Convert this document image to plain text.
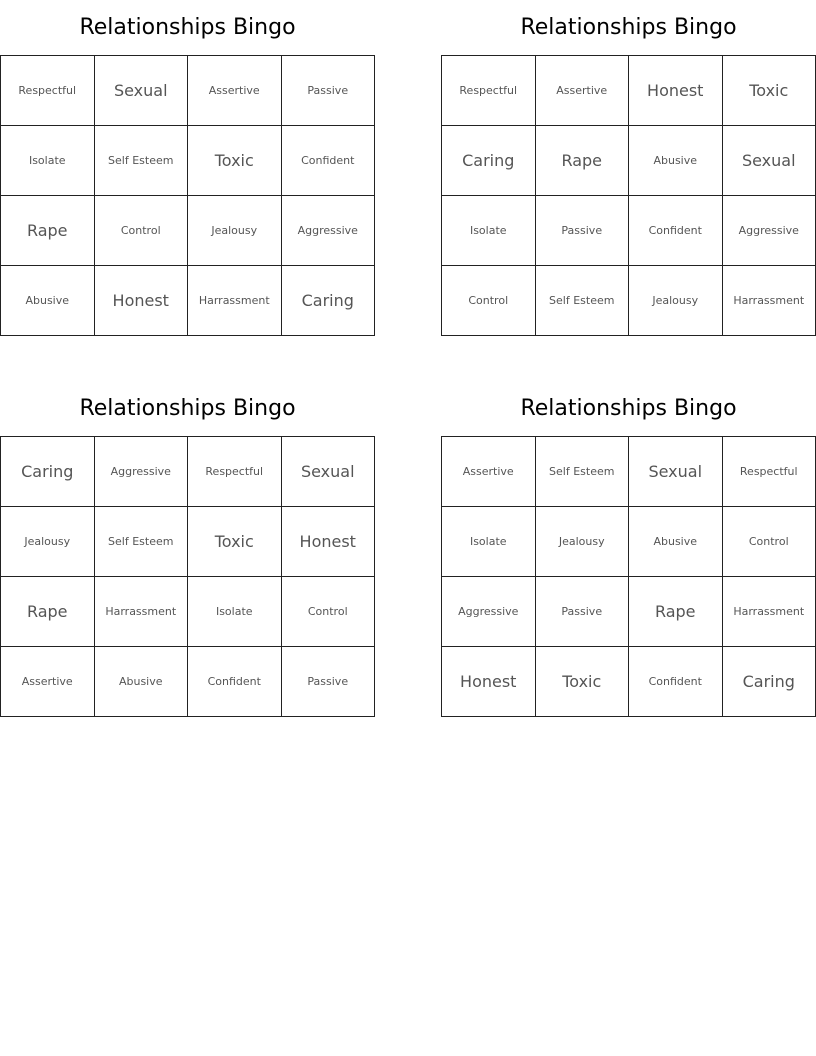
Relationships Bingo
Respectful	Sexual	Assertive	Passive
Isolate	Self Esteem	Toxic	Confident
Rape	Control	Jealousy	Aggressive
Abusive	Honest	Harrassment	Caring
Relationships Bingo
Respectful	Assertive	Honest	Toxic
Caring	Rape	Abusive	Sexual
Isolate	Passive	Confident	Aggressive
Control	Self Esteem	Jealousy	Harrassment
Relationships Bingo
Caring	Aggressive	Respectful	Sexual
Jealousy	Self Esteem	Toxic	Honest
Rape	Harrassment	Isolate	Control
Assertive	Abusive	Confident	Passive
Relationships Bingo
Assertive	Self Esteem	Sexual	Respectful
Isolate	Jealousy	Abusive	Control
Aggressive	Passive	Rape	Harrassment
Honest	Toxic	Confident	Caring
